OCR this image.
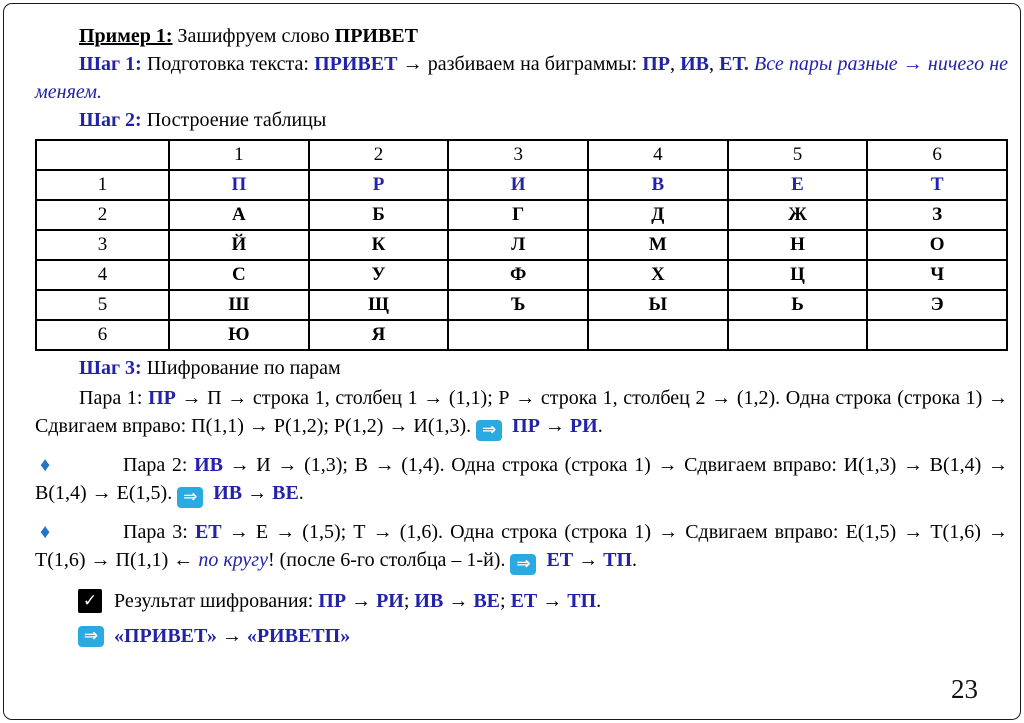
Пример 1: Зашифруем слово ПРИВЕТ

Шаг 1: Подготовка текста: ПРИВЕТ → разбиваем на биграммы: ПР, ИВ, ЕТ. Все пары разные → ничего не меняем.

Шаг 2: Построение таблицы

	1	2	3	4	5	6
1	П	Р	И	В	Е	Т
2	А	Б	Г	Д	Ж	З
3	Й	К	Л	М	Н	О
4	С	У	Ф	Х	Ц	Ч
5	Ш	Щ	Ъ	Ы	Ь	Э
6	Ю	Я				

Шаг 3: Шифрование по парам

Пара 1: ПР → П → строка 1, столбец 1 → (1,1); Р → строка 1, столбец 2 → (1,2). Одна строка (строка 1) → Сдвигаем вправо: П(1,1) → Р(1,2); Р(1,2) → И(1,3). ⇒   ПР → РИ.

♦
Пара 2: ИВ → И → (1,3); В → (1,4). Одна строка (строка 1) → Сдвигаем вправо: И(1,3) → В(1,4) → В(1,4) → Е(1,5). ⇒   ИВ → ВЕ.

♦
Пара 3: ЕТ → Е → (1,5); Т → (1,6). Одна строка (строка 1) → Сдвигаем вправо: Е(1,5) → Т(1,6) → Т(1,6) → П(1,1) ← по кругу! (после 6-го столбца – 1-й). ⇒   ЕТ → ТП.

✓
Результат шифрования: ПР → РИ; ИВ → ВЕ; ЕТ → ТП.

⇒
«ПРИВЕТ» → «РИВЕТП»

23
